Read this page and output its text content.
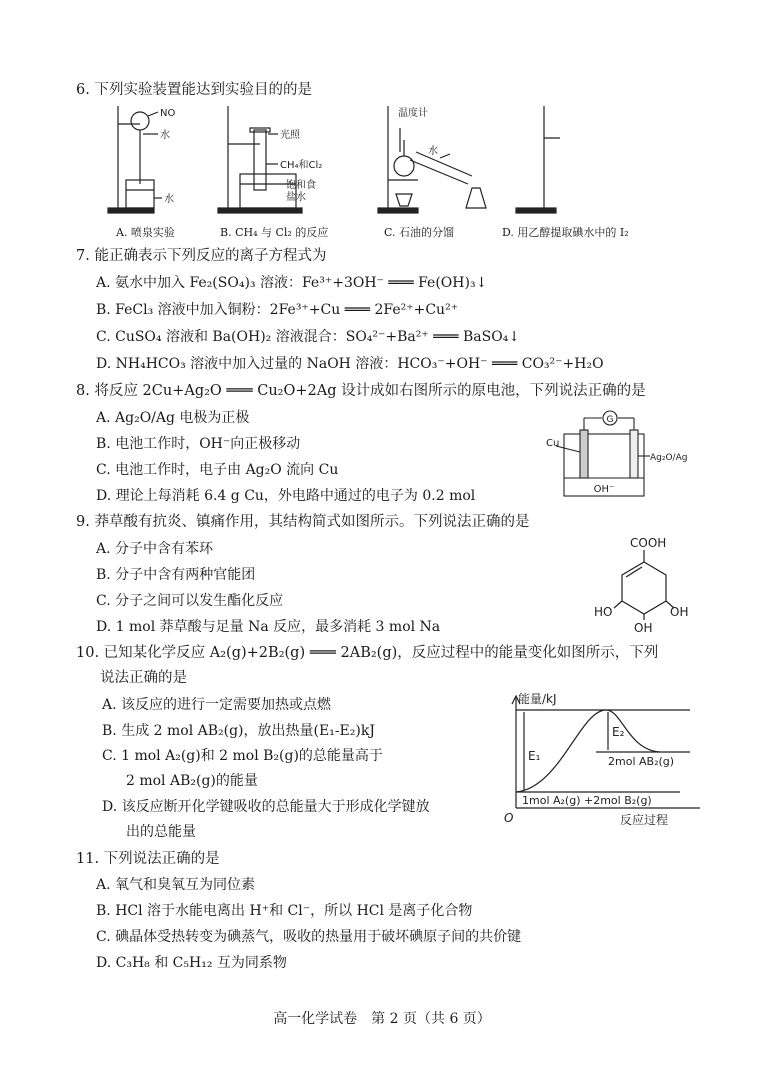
6. 下列实验装置能达到实验目的的是
NO
水
水
光照
CH₄和Cl₂
饱和食
盐水
温度计
水
A. 喷泉实验	B. CH₄ 与 Cl₂ 的反应	C. 石油的分馏	D. 用乙醇提取碘水中的 I₂
7. 能正确表示下列反应的离子方程式为
A. 氨水中加入 Fe₂(SO₄)₃ 溶液：Fe³⁺+3OH⁻ ═══ Fe(OH)₃↓
B. FeCl₃ 溶液中加入铜粉：2Fe³⁺+Cu ═══ 2Fe²⁺+Cu²⁺
C. CuSO₄ 溶液和 Ba(OH)₂ 溶液混合：SO₄²⁻+Ba²⁺ ═══ BaSO₄↓
D. NH₄HCO₃ 溶液中加入过量的 NaOH 溶液：HCO₃⁻+OH⁻ ═══ CO₃²⁻+H₂O
8. 将反应 2Cu+Ag₂O ═══ Cu₂O+2Ag 设计成如右图所示的原电池，下列说法正确的是
A. Ag₂O/Ag 电极为正极
B. 电池工作时，OH⁻向正极移动
C. 电池工作时，电子由 Ag₂O 流向 Cu
D. 理论上每消耗 6.4 g Cu，外电路中通过的电子为 0.2 mol
G
Cu
Ag₂O/Ag
OH⁻
9. 莽草酸有抗炎、镇痛作用，其结构简式如图所示。下列说法正确的是
A. 分子中含有苯环
B. 分子中含有两种官能团
C. 分子之间可以发生酯化反应
D. 1 mol 莽草酸与足量 Na 反应，最多消耗 3 mol Na
COOH
HO	OH
OH
10. 已知某化学反应 A₂(g)+2B₂(g) ═══ 2AB₂(g)，反应过程中的能量变化如图所示，下列
说法正确的是
A. 该反应的进行一定需要加热或点燃
B. 生成 2 mol AB₂(g)，放出热量(E₁-E₂)kJ
C. 1 mol A₂(g)和 2 mol B₂(g)的总能量高于
2 mol AB₂(g)的能量
D. 该反应断开化学键吸收的总能量大于形成化学键放
出的总能量
能量/kJ
反应过程
O
E₁
E₂
2mol AB₂(g)
1mol A₂(g) +2mol B₂(g)
11. 下列说法正确的是
A. 氧气和臭氧互为同位素
B. HCl 溶于水能电离出 H⁺和 Cl⁻，所以 HCl 是离子化合物
C. 碘晶体受热转变为碘蒸气，吸收的热量用于破坏碘原子间的共价键
D. C₃H₈ 和 C₅H₁₂ 互为同系物
高一化学试卷　第 2 页（共 6 页）
